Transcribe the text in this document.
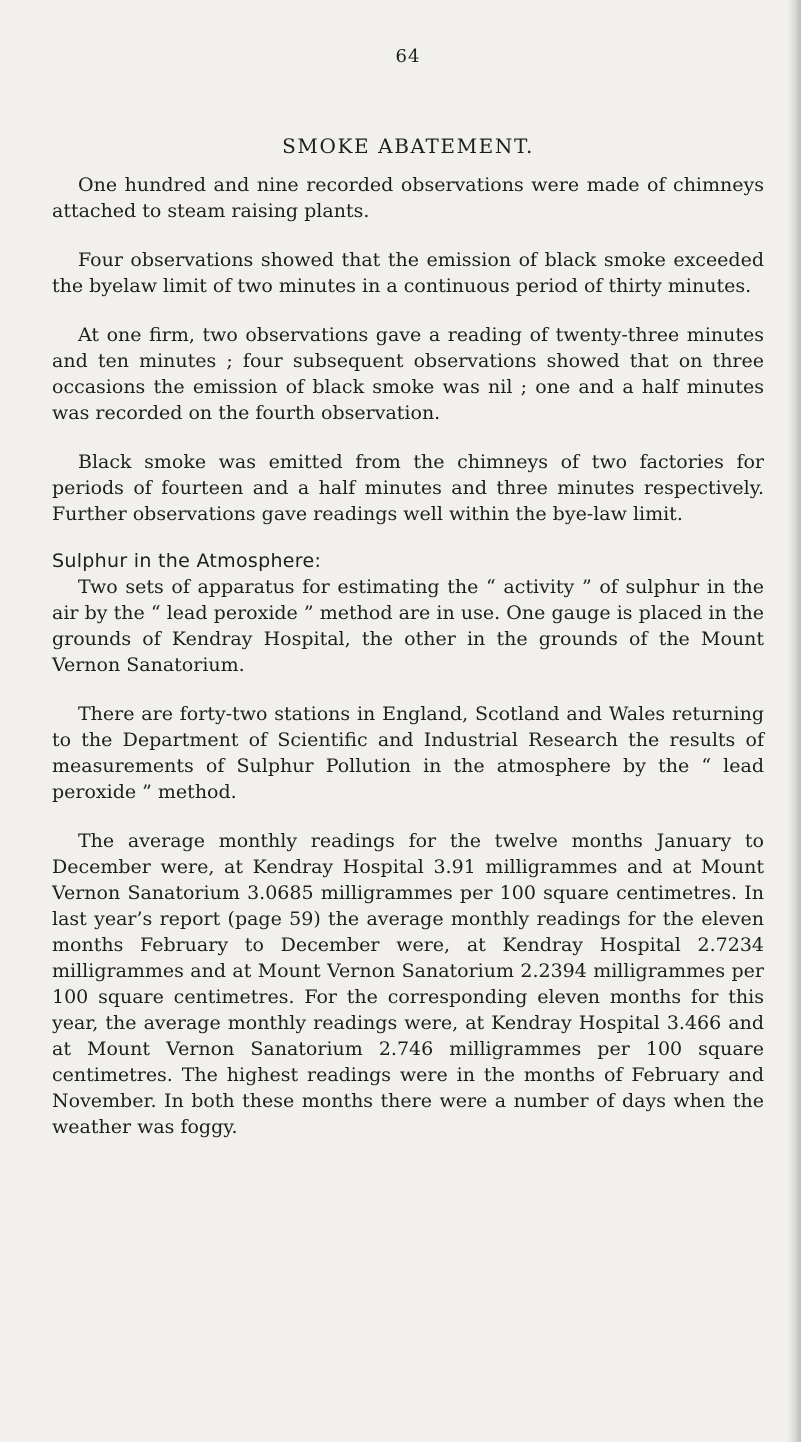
64
SMOKE ABATEMENT.

One hundred and nine recorded observations were made of chimneys attached to steam raising plants.

Four observations showed that the emission of black smoke exceeded the byelaw limit of two minutes in a continuous period of thirty minutes.

At one firm, two observations gave a reading of twenty-three minutes and ten minutes ; four subsequent observations showed that on three occasions the emission of black smoke was nil ; one and a half minutes was recorded on the fourth observation.

Black smoke was emitted from the chimneys of two factories for periods of fourteen and a half minutes and three minutes respectively. Further observations gave readings well within the bye-law limit.

Sulphur in the Atmosphere:

Two sets of apparatus for estimating the “ activity ” of sulphur in the air by the “ lead peroxide ” method are in use. One gauge is placed in the grounds of Kendray Hospital, the other in the grounds of the Mount Vernon Sanatorium.

There are forty-two stations in England, Scotland and Wales returning to the Department of Scientific and Industrial Research the results of measurements of Sulphur Pollution in the atmosphere by the “ lead peroxide ” method.

The average monthly readings for the twelve months January to December were, at Kendray Hospital 3.91 milligrammes and at Mount Vernon Sanatorium 3.0685 milligrammes per 100 square centimetres. In last year’s report (page 59) the average monthly readings for the eleven months February to December were, at Kendray Hospital 2.7234 milligrammes and at Mount Vernon Sanatorium 2.2394 milligrammes per 100 square centimetres. For the corresponding eleven months for this year, the average monthly readings were, at Kendray Hospital 3.466 and at Mount Vernon Sanatorium 2.746 milligrammes per 100 square centimetres. The highest readings were in the months of February and November. In both these months there were a number of days when the weather was foggy.
